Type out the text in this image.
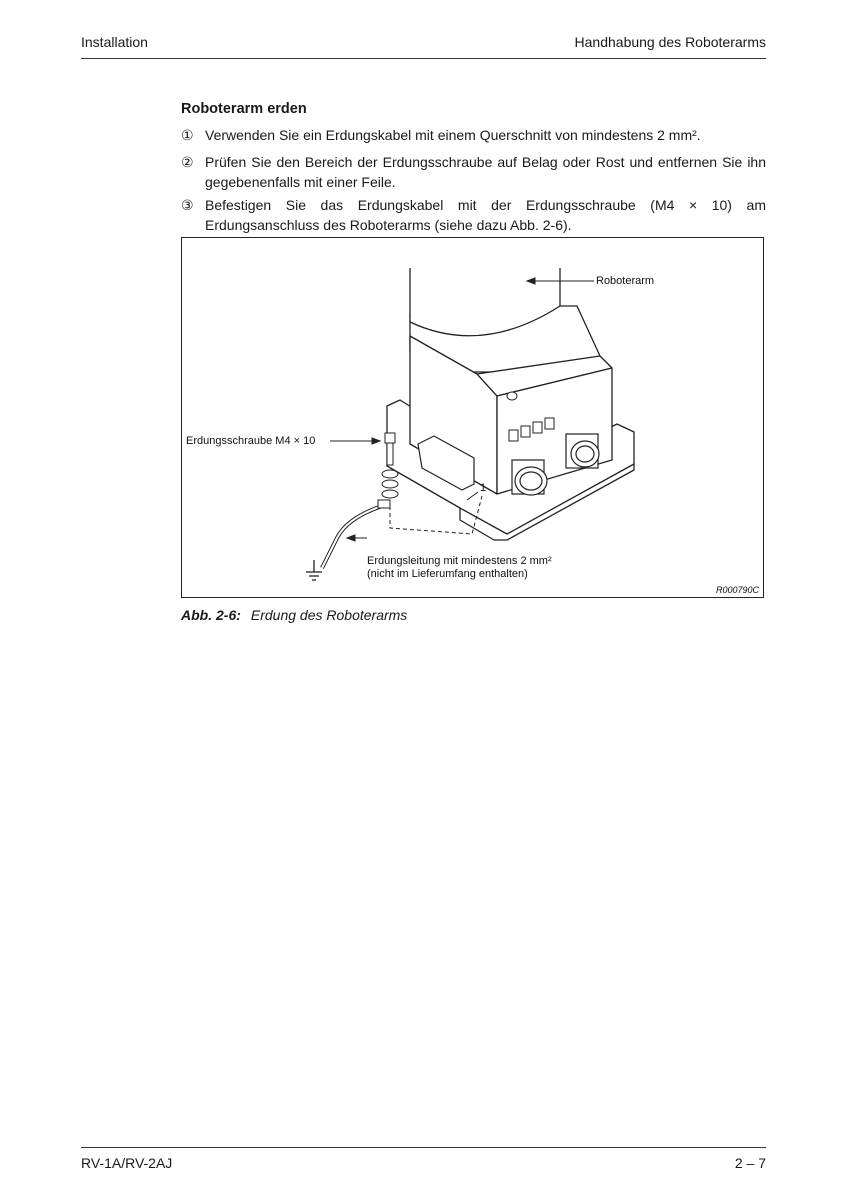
Installation	Handhabung des Roboterarms
Roboterarm erden
① Verwenden Sie ein Erdungskabel mit einem Querschnitt von mindestens 2 mm².
② Prüfen Sie den Bereich der Erdungsschraube auf Belag oder Rost und entfernen Sie ihn gegebenenfalls mit einer Feile.
③ Befestigen Sie das Erdungskabel mit der Erdungsschraube (M4 × 10) am Erdungsanschluss des Roboterarms (siehe dazu Abb. 2-6).
Roboterarm
Erdungsschraube M4 × 10
Erdungsleitung mit mindestens 2 mm²
(nicht im Lieferumfang enthalten)
1
R000790C
Abb. 2-6: Erdung des Roboterarms
RV-1A/RV-2AJ	2 – 7
